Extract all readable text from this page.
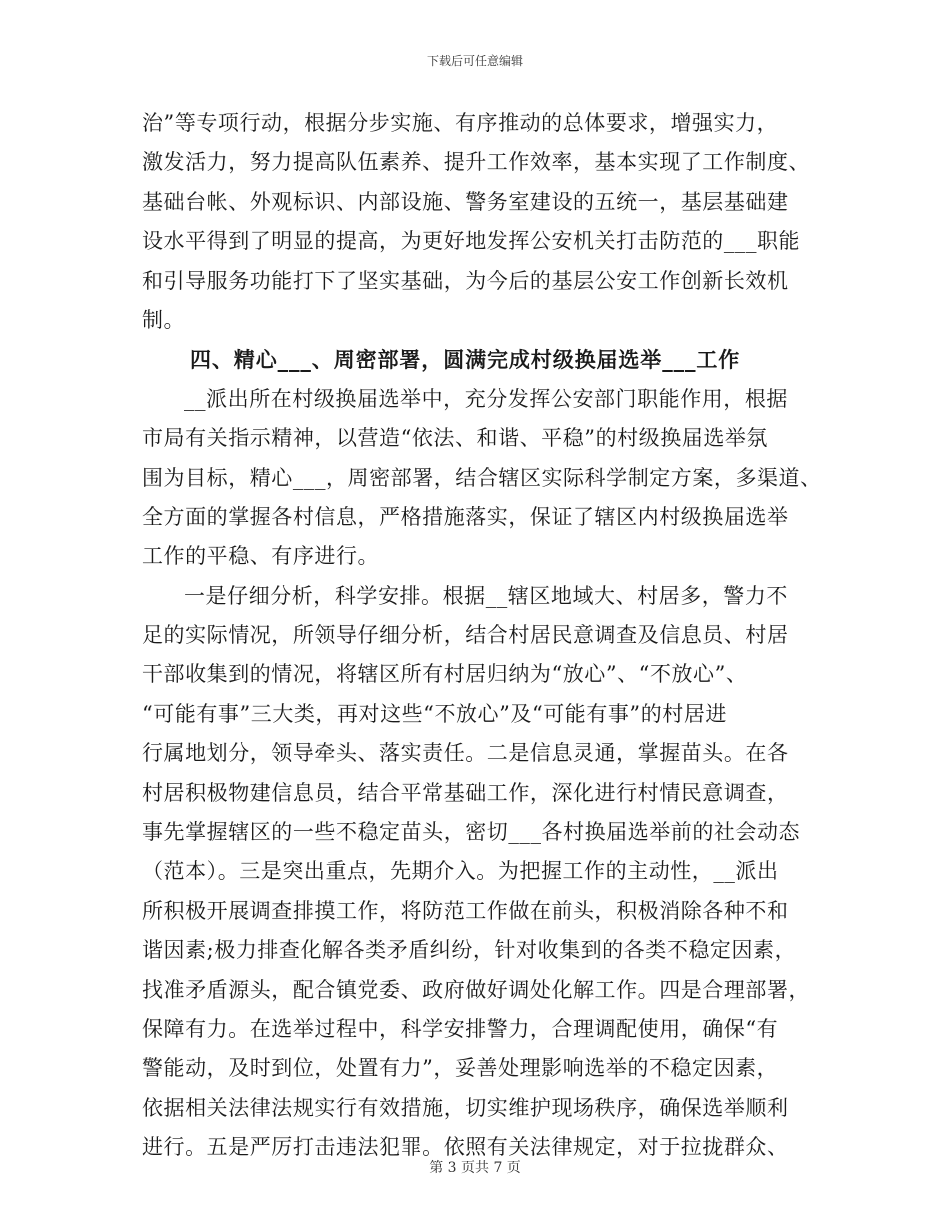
下载后可任意编辑
治”等专项行动，根据分步实施、有序推动的总体要求，增强实力，
激发活力，努力提高队伍素养、提升工作效率，基本实现了工作制度、
基础台帐、外观标识、内部设施、警务室建设的五统一，基层基础建
设水平得到了明显的提高，为更好地发挥公安机关打击防范的___职能
和引导服务功能打下了坚实基础，为今后的基层公安工作创新长效机
制。
四、精心___、周密部署，圆满完成村级换届选举___工作
__派出所在村级换届选举中，充分发挥公安部门职能作用，根据
市局有关指示精神，以营造“依法、和谐、平稳”的村级换届选举氛
围为目标，精心___，周密部署，结合辖区实际科学制定方案，多渠道、
全方面的掌握各村信息，严格措施落实，保证了辖区内村级换届选举
工作的平稳、有序进行。
一是仔细分析，科学安排。根据__辖区地域大、村居多，警力不
足的实际情况，所领导仔细分析，结合村居民意调查及信息员、村居
干部收集到的情况，将辖区所有村居归纳为“放心”、“不放心”、
“可能有事”三大类，再对这些“不放心”及“可能有事”的村居进
行属地划分，领导牵头、落实责任。二是信息灵通，掌握苗头。在各
村居积极物建信息员，结合平常基础工作，深化进行村情民意调查，
事先掌握辖区的一些不稳定苗头，密切___各村换届选举前的社会动态
（范本）。三是突出重点，先期介入。为把握工作的主动性，__派出
所积极开展调查排摸工作，将防范工作做在前头，积极消除各种不和
谐因素;极力排查化解各类矛盾纠纷，针对收集到的各类不稳定因素，
找准矛盾源头，配合镇党委、政府做好调处化解工作。四是合理部署，
保障有力。在选举过程中，科学安排警力，合理调配使用，确保“有
警能动，及时到位，处置有力”，妥善处理影响选举的不稳定因素，
依据相关法律法规实行有效措施，切实维护现场秩序，确保选举顺利
进行。五是严厉打击违法犯罪。依照有关法律规定，对于拉拢群众、
第 3 页共 7 页
